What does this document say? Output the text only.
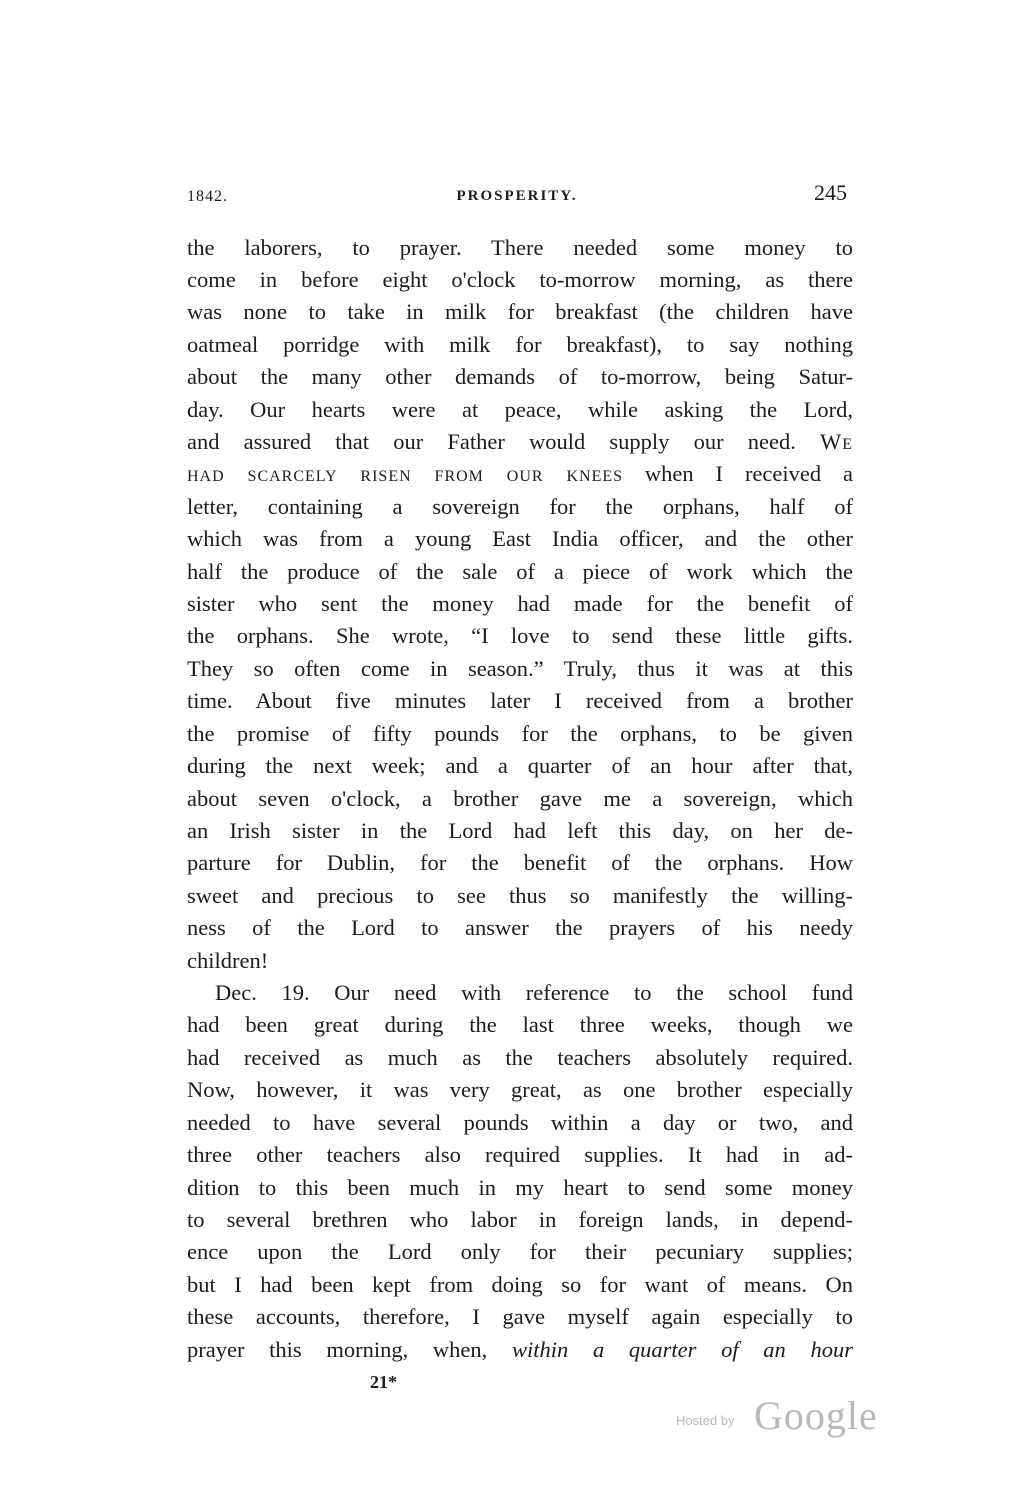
1842.	PROSPERITY.	245
the laborers, to prayer. There needed some money to
come in before eight o'clock to-morrow morning, as there
was none to take in milk for breakfast (the children have
oatmeal porridge with milk for breakfast), to say nothing
about the many other demands of to-morrow, being Satur-
day. Our hearts were at peace, while asking the Lord,
and assured that our Father would supply our need. We
had scarcely risen from our knees when I received a
letter, containing a sovereign for the orphans, half of
which was from a young East India officer, and the other
half the produce of the sale of a piece of work which the
sister who sent the money had made for the benefit of
the orphans. She wrote, “I love to send these little gifts.
They so often come in season.” Truly, thus it was at this
time. About five minutes later I received from a brother
the promise of fifty pounds for the orphans, to be given
during the next week; and a quarter of an hour after that,
about seven o'clock, a brother gave me a sovereign, which
an Irish sister in the Lord had left this day, on her de-
parture for Dublin, for the benefit of the orphans. How
sweet and precious to see thus so manifestly the willing-
ness of the Lord to answer the prayers of his needy
children!
Dec. 19. Our need with reference to the school fund
had been great during the last three weeks, though we
had received as much as the teachers absolutely required.
Now, however, it was very great, as one brother especially
needed to have several pounds within a day or two, and
three other teachers also required supplies. It had in ad-
dition to this been much in my heart to send some money
to several brethren who labor in foreign lands, in depend-
ence upon the Lord only for their pecuniary supplies;
but I had been kept from doing so for want of means. On
these accounts, therefore, I gave myself again especially to
prayer this morning, when, within a quarter of an hour
21*
Hosted by Google
